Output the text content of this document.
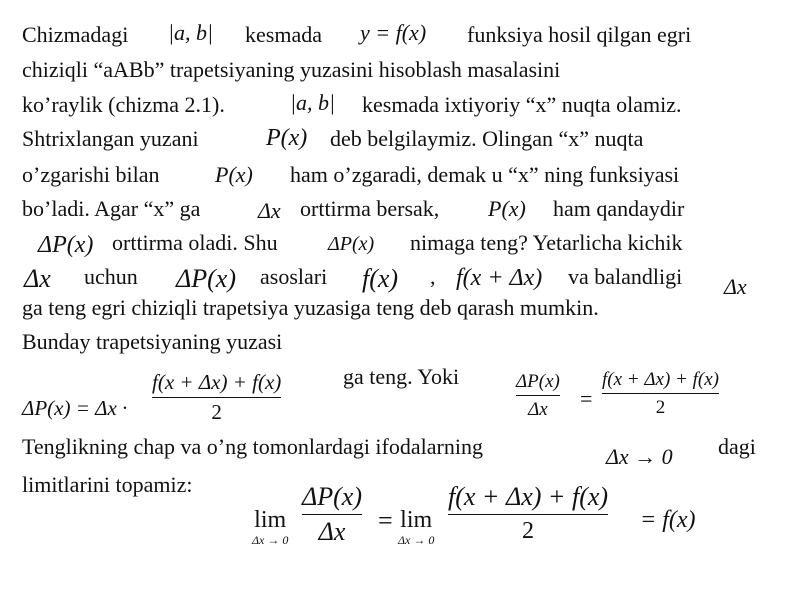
Chizmadagi |a, b| kesmada y = f(x) funksiya hosil qilgan egri
chiziqli “aABb” trapetsiyaning yuzasini hisoblash masalasini
ko’raylik (chizma 2.1).	|a, b| kesmada ixtiyoriy “x” nuqta olamiz.
Shtrixlangan yuzani	P(x) deb belgilaymiz. Olingan “x” nuqta
o’zgarishi bilan	P(x) ham o’zgaradi, demak u “x” ning funksiyasi
bo’ladi. Agar “x” ga	Δx orttirma bersak, P(x) ham qandaydir
ΔP(x) orttirma oladi. Shu	ΔP(x) nimaga teng? Yetarlicha kichik
Δx uchun ΔP(x) asoslari f(x) , f(x + Δx) va balandligi Δx
ga teng egri chiziqli trapetsiya yuzasiga teng deb qarash mumkin.
Bunday trapetsiyaning yuzasi
ΔP(x) = Δx ·
f(x + Δx) + f(x)
2
ga teng. Yoki	ΔP(x)
Δx =
f(x + Δx) + f(x)
2
Tenglikning chap va o’ng tomonlardagi ifodalarning	Δx → 0 dagi
limitlarini topamiz:
lim
Δx → 0
ΔP(x)
Δx = lim
Δx → 0
f(x + Δx) + f(x)
2	= f(x)
